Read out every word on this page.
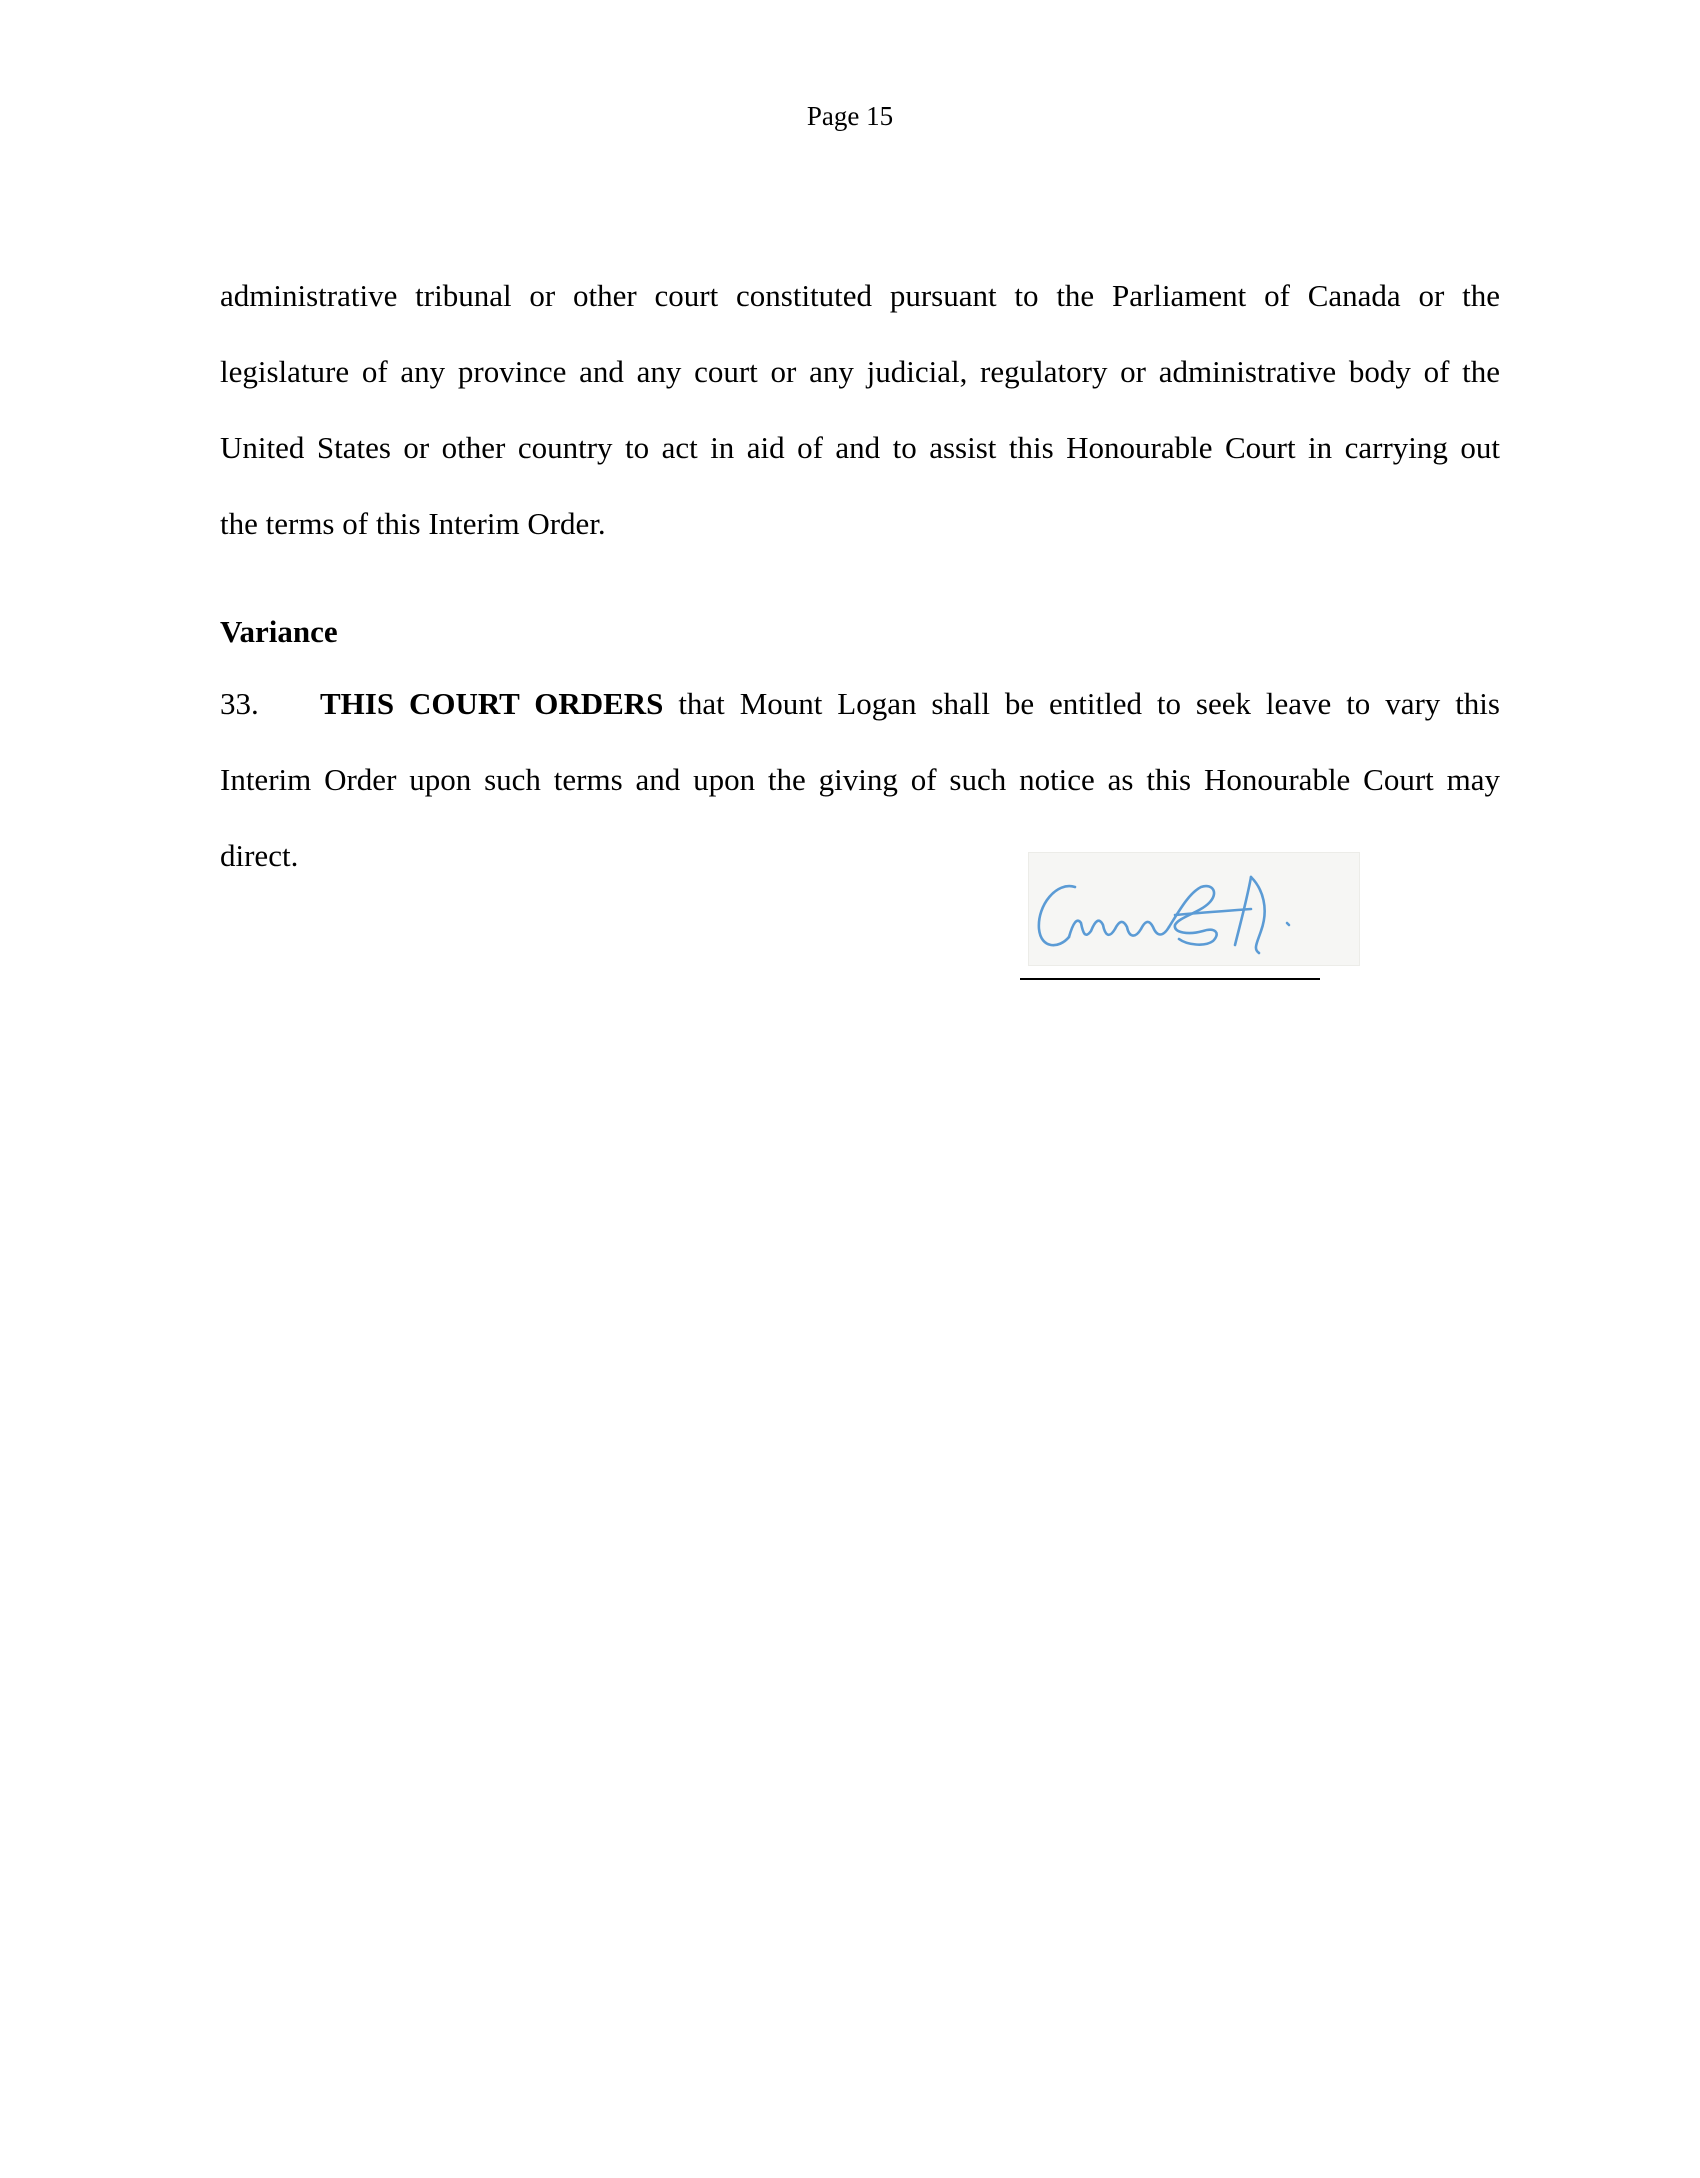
Page 15
administrative tribunal or other court constituted pursuant to the Parliament of Canada or the
legislature of any province and any court or any judicial, regulatory or administrative body of the
United States or other country to act in aid of and to assist this Honourable Court in carrying out
the terms of this Interim Order.
Variance
33. THIS COURT ORDERS that Mount Logan shall be entitled to seek leave to vary this
Interim Order upon such terms and upon the giving of such notice as this Honourable Court may
direct.
